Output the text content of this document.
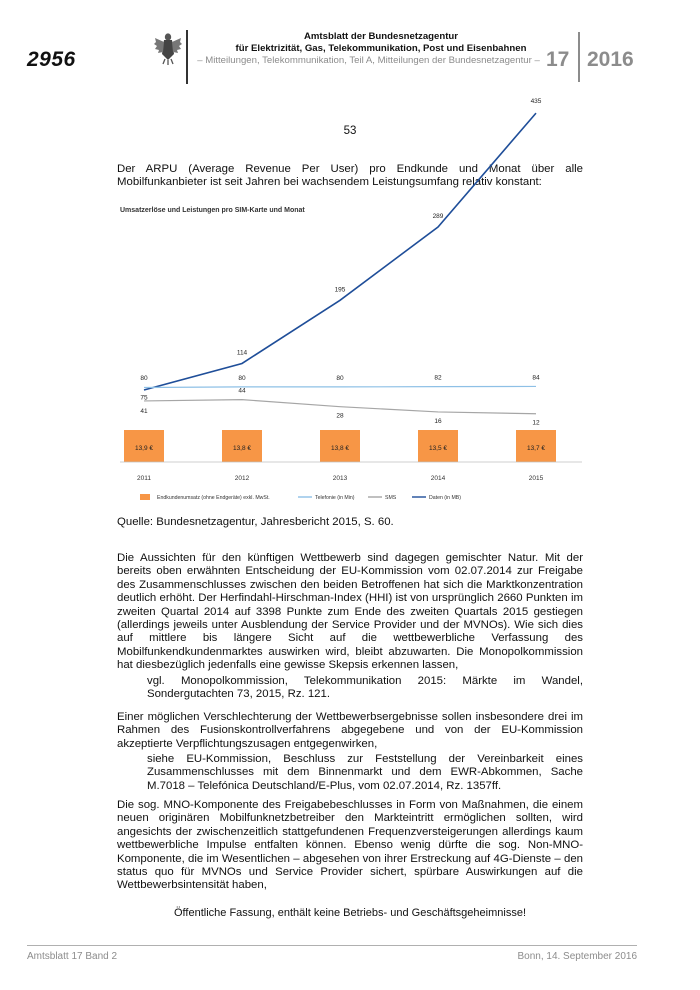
2956
Amtsblatt der Bundesnetzagentur
für Elektrizität, Gas, Telekommunikation, Post und Eisenbahnen
– Mitteilungen, Telekommunikation, Teil A, Mitteilungen der Bundesnetzagentur – 17 2016
53
Der ARPU (Average Revenue Per User) pro Endkunde und Monat über alle Mobilfunkanbieter ist seit Jahren bei wachsendem Leistungsumfang relativ konstant:
Umsatzerlöse und Leistungen pro SIM-Karte und Monat
13,9 €	13,8 €	13,8 €	13,5 €	13,7 €
80
114
195
289
435
75
80	80	82	84
41
44
28
16	12
2011	2012	2013	2014	2015
Endkundenumsatz (ohne Endgeräte) exkl. MwSt.	Telefonie (in Min)	SMS	Daten (in MB)
Quelle: Bundesnetzagentur, Jahresbericht 2015, S. 60.
Die Aussichten für den künftigen Wettbewerb sind dagegen gemischter Natur. Mit der bereits oben erwähnten Entscheidung der EU-Kommission vom 02.07.2014 zur Freigabe des Zusammenschlusses zwischen den beiden Betroffenen hat sich die Marktkonzentration deutlich erhöht. Der Herfindahl-Hirschman-Index (HHI) ist von ursprünglich 2660 Punkten im zweiten Quartal 2014 auf 3398 Punkte zum Ende des zweiten Quartals 2015 gestiegen (allerdings jeweils unter Ausblendung der Service Provider und der MVNOs). Wie sich dies auf mittlere bis längere Sicht auf die wettbewerbliche Verfassung des Mobilfunkendkundenmarktes auswirken wird, bleibt abzuwarten. Die Monopolkommission hat diesbezüglich jedenfalls eine gewisse Skepsis erkennen lassen,
vgl. Monopolkommission, Telekommunikation 2015: Märkte im Wandel, Sondergutachten 73, 2015, Rz. 121.
Einer möglichen Verschlechterung der Wettbewerbsergebnisse sollen insbesondere drei im Rahmen des Fusionskontrollverfahrens abgegebene und von der EU-Kommission akzeptierte Verpflichtungszusagen entgegenwirken,
siehe EU-Kommission, Beschluss zur Feststellung der Vereinbarkeit eines Zusammenschlusses mit dem Binnenmarkt und dem EWR-Abkommen, Sache M.7018 – Telefónica Deutschland/E-Plus, vom 02.07.2014, Rz. 1357ff.
Die sog. MNO-Komponente des Freigabebeschlusses in Form von Maßnahmen, die einem neuen originären Mobilfunknetzbetreiber den Markteintritt ermöglichen sollten, wird angesichts der zwischenzeitlich stattgefundenen Frequenzversteigerungen allerdings kaum wettbewerbliche Impulse entfalten können. Ebenso wenig dürfte die sog. Non-MNO-Komponente, die im Wesentlichen – abgesehen von ihrer Erstreckung auf 4G-Dienste – den status quo für MVNOs und Service Provider sichert, spürbare Auswirkungen auf die Wettbewerbsintensität haben,
Öffentliche Fassung, enthält keine Betriebs- und Geschäftsgeheimnisse!
Amtsblatt 17 Band 2	Bonn, 14. September 2016
